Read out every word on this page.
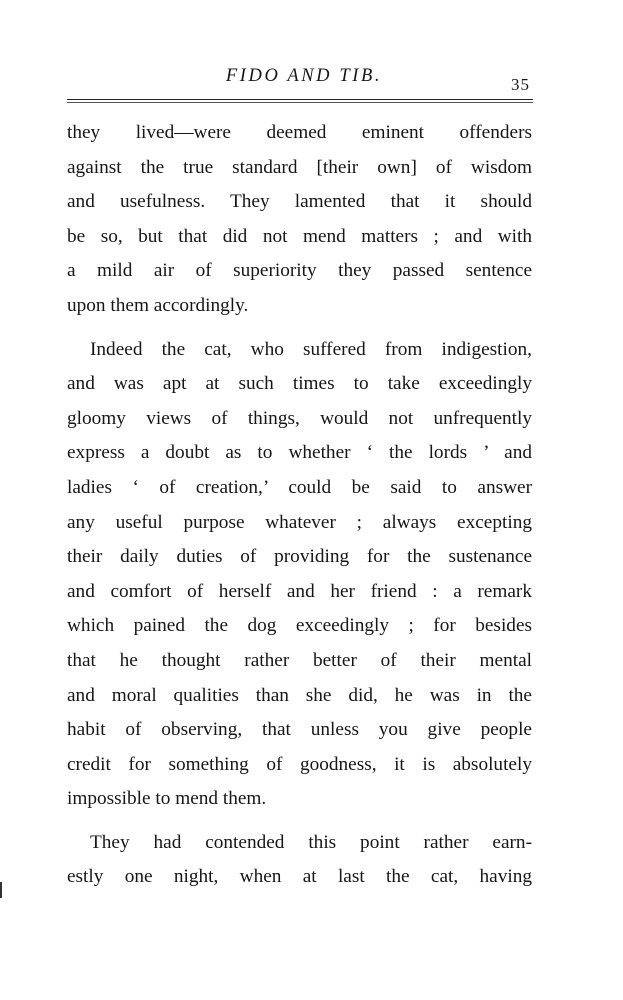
FIDO AND TIB.	35
they lived—were deemed eminent offenders
against the true standard [their own] of wisdom
and usefulness. They lamented that it should
be so, but that did not mend matters ; and with
a mild air of superiority they passed sentence
upon them accordingly.
Indeed the cat, who suffered from indigestion,
and was apt at such times to take exceedingly
gloomy views of things, would not unfrequently
express a doubt as to whether ‘ the lords ’ and
ladies ‘ of creation,’ could be said to answer
any useful purpose whatever ; always excepting
their daily duties of providing for the sustenance
and comfort of herself and her friend : a remark
which pained the dog exceedingly ; for besides
that he thought rather better of their mental
and moral qualities than she did, he was in the
habit of observing, that unless you give people
credit for something of goodness, it is absolutely
impossible to mend them.
They had contended this point rather earn-
estly one night, when at last the cat, having
